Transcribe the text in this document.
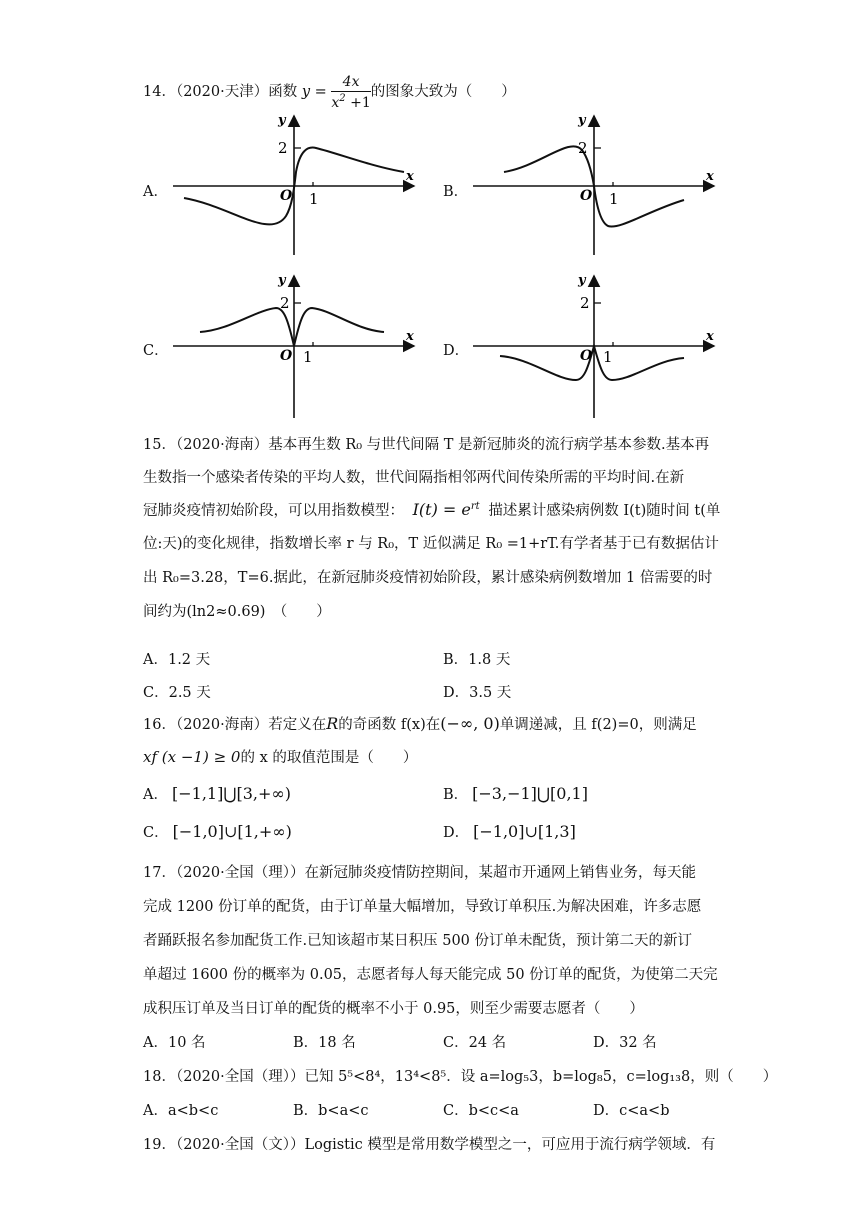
14．（2020·天津）函数 $y = \frac{4x}{x^2 +1}$ 的图象大致为（　　）
A．	B．
C．	D．
y
x
O 1
2
y
x
O 1
2
y
x
O 1
2
y
x
O 1
2
15．（2020·海南）基本再生数 R₀ 与世代间隔 T 是新冠肺炎的流行病学基本参数.基本再
生数指一个感染者传染的平均人数，世代间隔指相邻两代间传染所需的平均时间.在新
冠肺炎疫情初始阶段，可以用指数模型： $I(t) = e^{rt}$ 描述累计感染病例数 I(t)随时间 t(单
位:天)的变化规律，指数增长率 r 与 R₀，T 近似满足 R₀ =1+rT.有学者基于已有数据估计
出 R₀=3.28，T=6.据此，在新冠肺炎疫情初始阶段，累计感染病例数增加 1 倍需要的时
间约为(ln2≈0.69)　（　　）
A．1.2 天	B．1.8 天
C．2.5 天	D．3.5 天
16．（2020·海南）若定义在R的奇函数 f(x)在(−∞, 0)单调递减，且 f(2)=0，则满足
xf (x −1) ≥ 0的 x 的取值范围是（　　）
A． [−1,1]⋃[3,+∞)	B． [−3,−1]⋃[0,1]
C． [−1,0]∪[1,+∞)	D． [−1,0]∪[1,3]
17．（2020·全国（理））在新冠肺炎疫情防控期间，某超市开通网上销售业务，每天能
完成 1200 份订单的配货，由于订单量大幅增加，导致订单积压.为解决困难，许多志愿
者踊跃报名参加配货工作.已知该超市某日积压 500 份订单未配货，预计第二天的新订
单超过 1600 份的概率为 0.05，志愿者每人每天能完成 50 份订单的配货，为使第二天完
成积压订单及当日订单的配货的概率不小于 0.95，则至少需要志愿者（　　）
A．10 名	B．18 名	C．24 名	D．32 名
18．（2020·全国（理））已知 5⁵<8⁴，13⁴<8⁵．设 a=log₅3，b=log₈5，c=log₁₃8，则（　　）
A．a<b<c	B．b<a<c	C．b<c<a	D．c<a<b
19．（2020·全国（文））Logistic 模型是常用数学模型之一，可应用于流行病学领域．有
